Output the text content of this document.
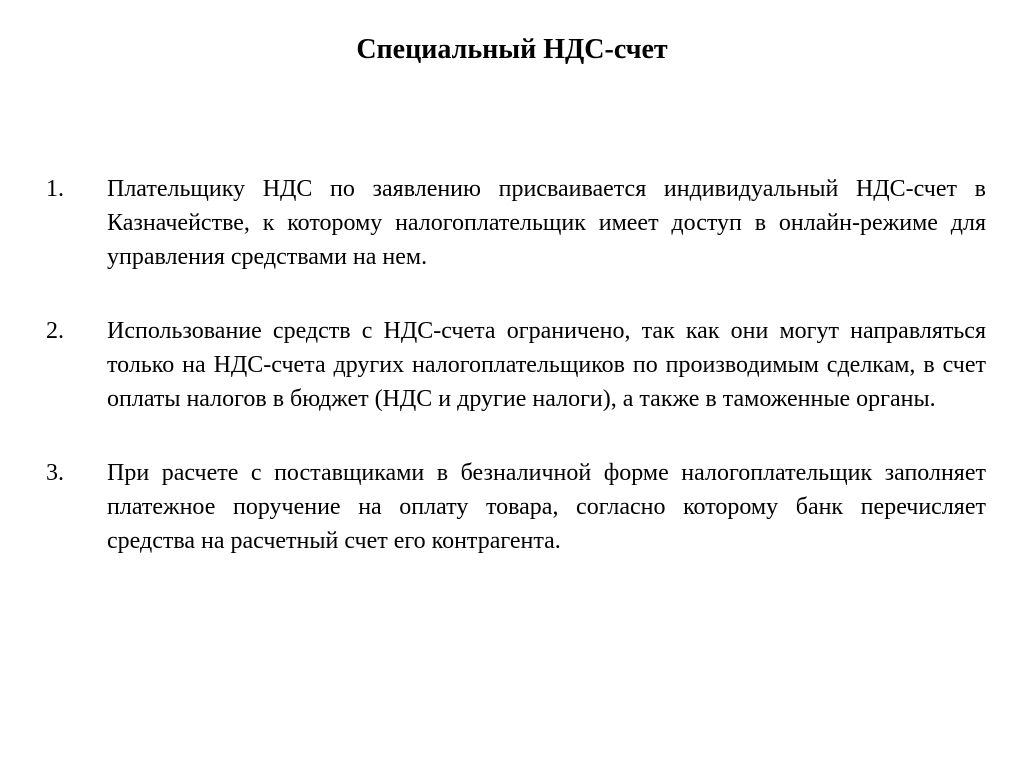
Специальный НДС-счет
1. Плательщику НДС по заявлению присваивается индивидуальный НДС-счет в Казначействе, к которому налогоплательщик имеет доступ в онлайн-режиме для управления средствами на нем.
2. Использование средств с НДС-счета ограничено, так как они могут направляться только на НДС-счета других налогоплательщиков по производимым сделкам, в счет оплаты налогов в бюджет (НДС и другие налоги), а также в таможенные органы.
3. При расчете с поставщиками в безналичной форме налогоплательщик заполняет платежное поручение на оплату товара, согласно которому банк перечисляет средства на расчетный счет его контрагента.
